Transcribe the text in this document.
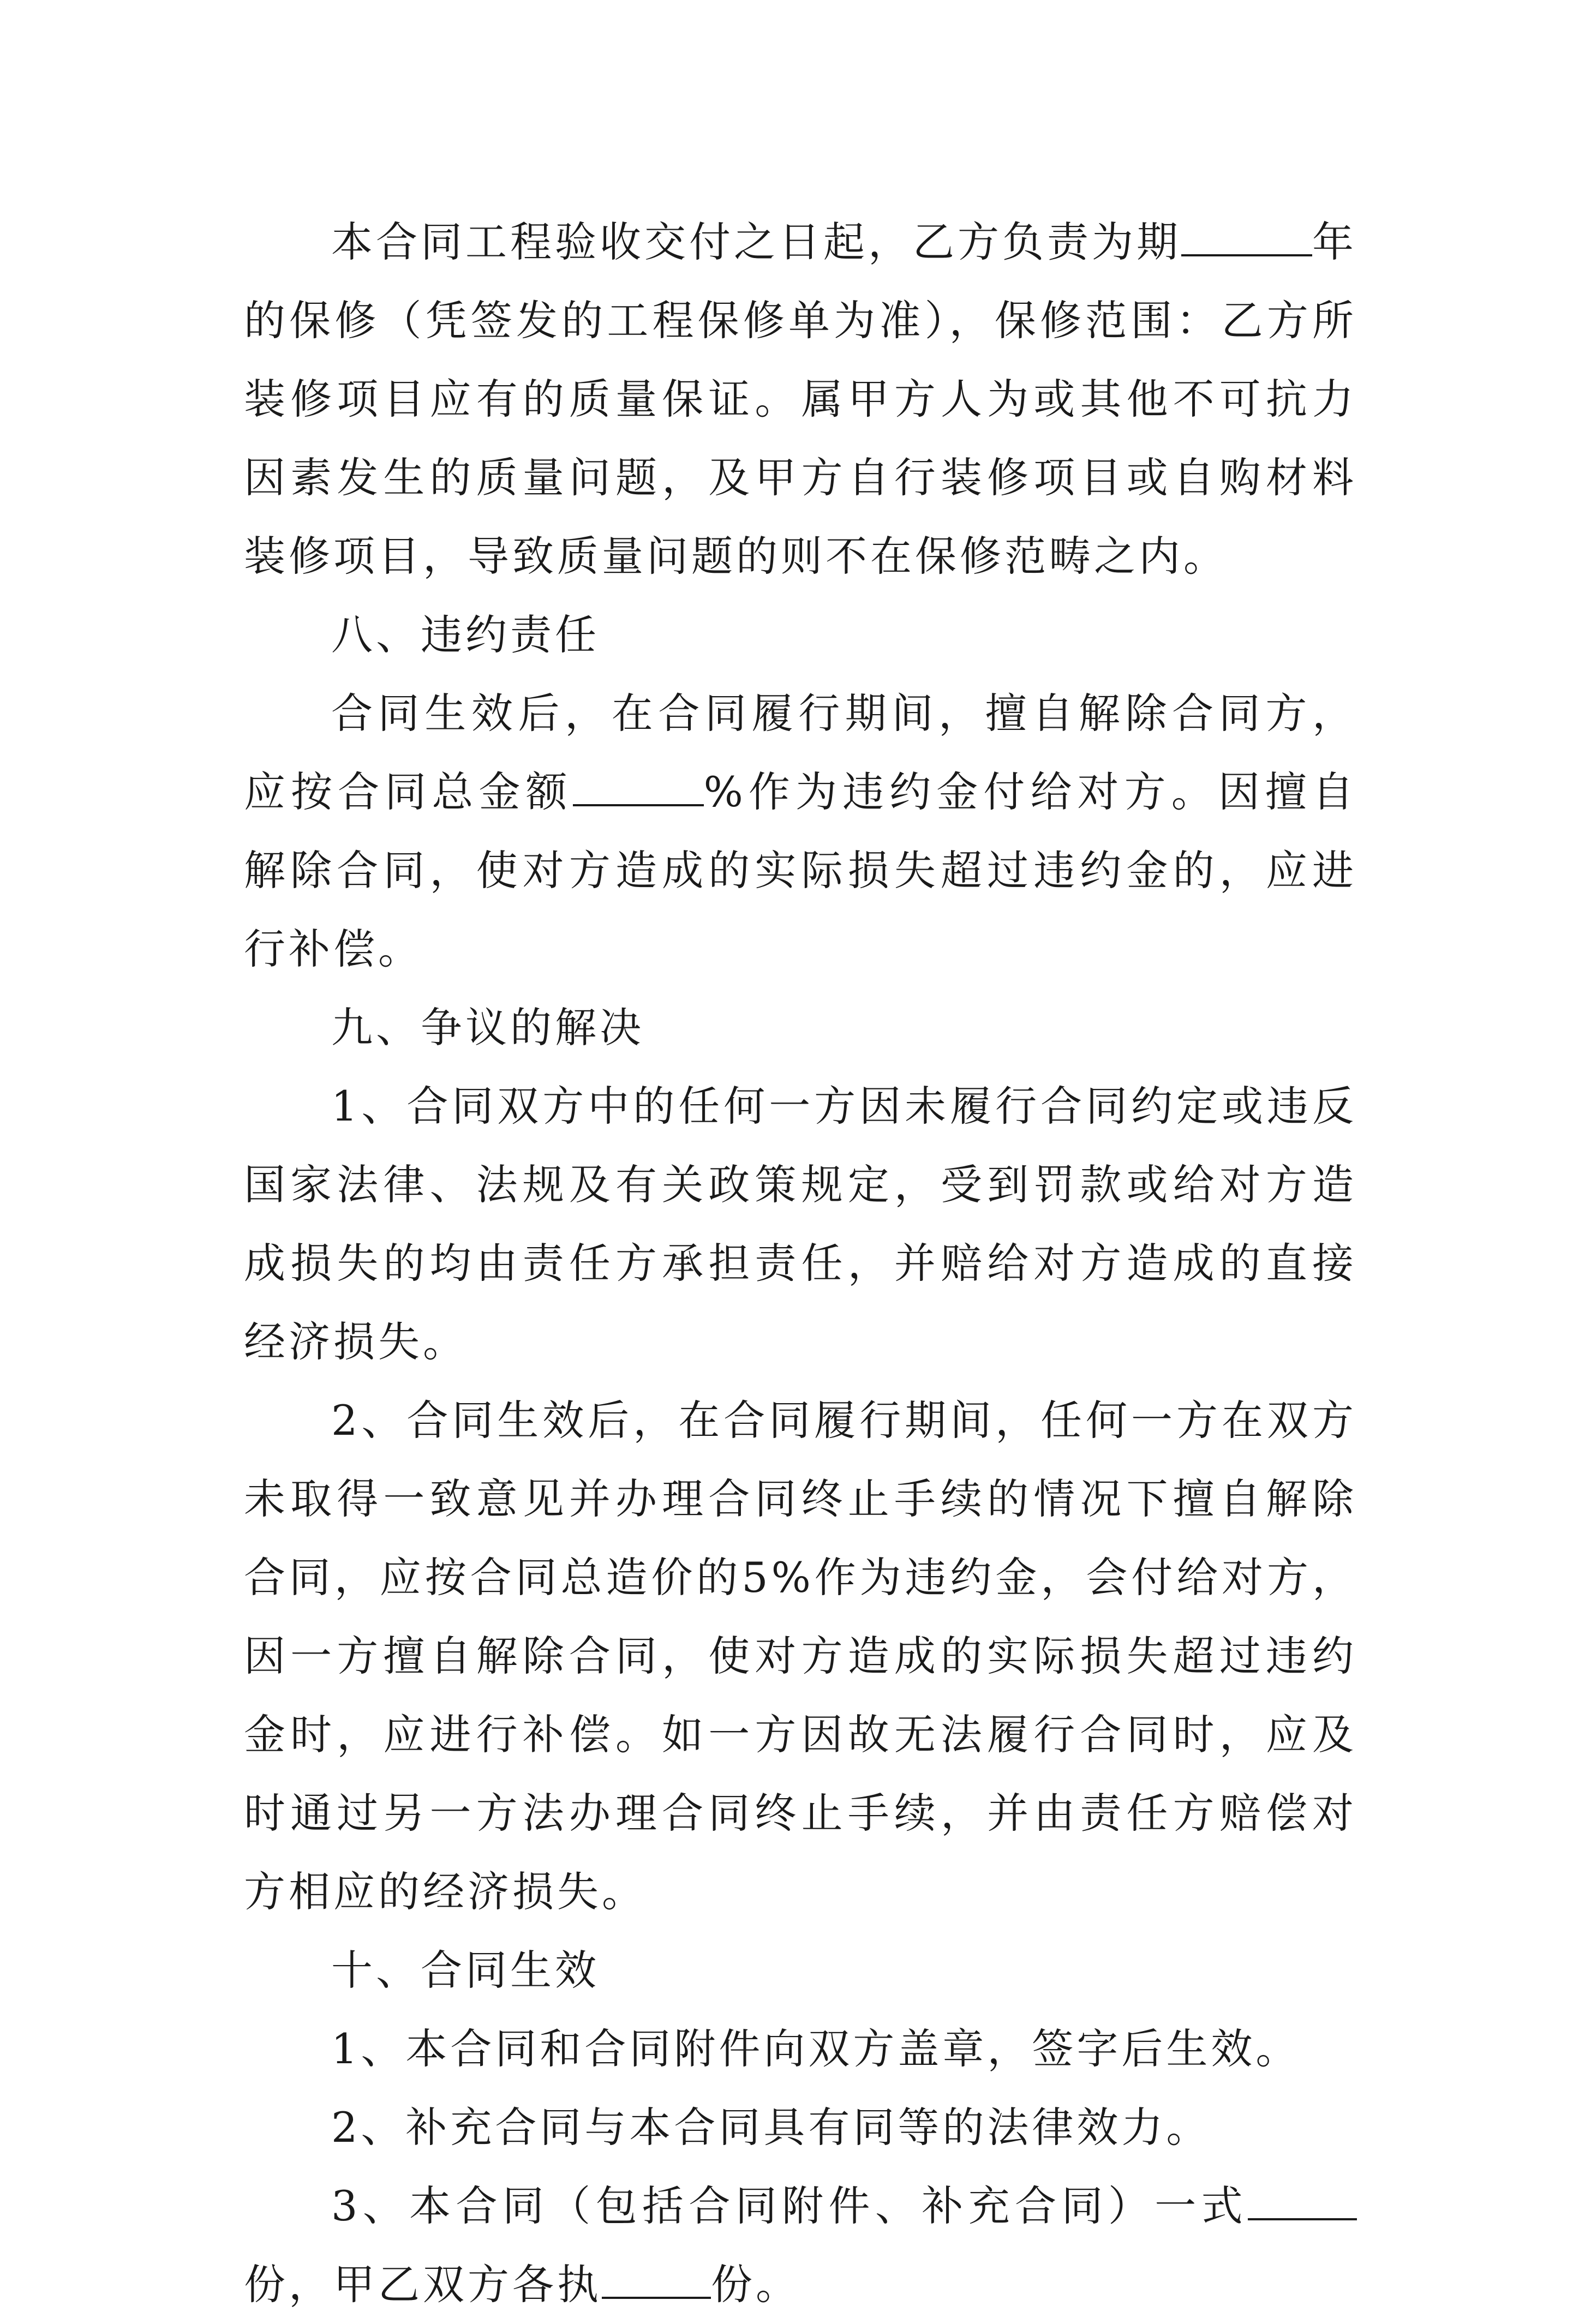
本合同工程验收交付之日起，乙方负责为期	年的保修（凭签发的工程保修单为准），保修范围：乙方所装修项目应有的质量保证。属甲方人为或其他不可抗力因素发生的质量问题，及甲方自行装修项目或自购材料装修项目，导致质量问题的则不在保修范畴之内。

八、违约责任

合同生效后，在合同履行期间，擅自解除合同方，应按合同总金额	%作为违约金付给对方。因擅自解除合同，使对方造成的实际损失超过违约金的，应进行补偿。

九、争议的解决

1、合同双方中的任何一方因未履行合同约定或违反国家法律、法规及有关政策规定，受到罚款或给对方造成损失的均由责任方承担责任，并赔给对方造成的直接经济损失。

2、合同生效后，在合同履行期间，任何一方在双方未取得一致意见并办理合同终止手续的情况下擅自解除合同，应按合同总造价的5%作为违约金，会付给对方，因一方擅自解除合同，使对方造成的实际损失超过违约金时，应进行补偿。如一方因故无法履行合同时，应及时通过另一方法办理合同终止手续，并由责任方赔偿对方相应的经济损失。

十、合同生效

1、本合同和合同附件向双方盖章，签字后生效。

2、补充合同与本合同具有同等的法律效力。

3、本合同（包括合同附件、补充合同）一式份，甲乙双方各执	份。
